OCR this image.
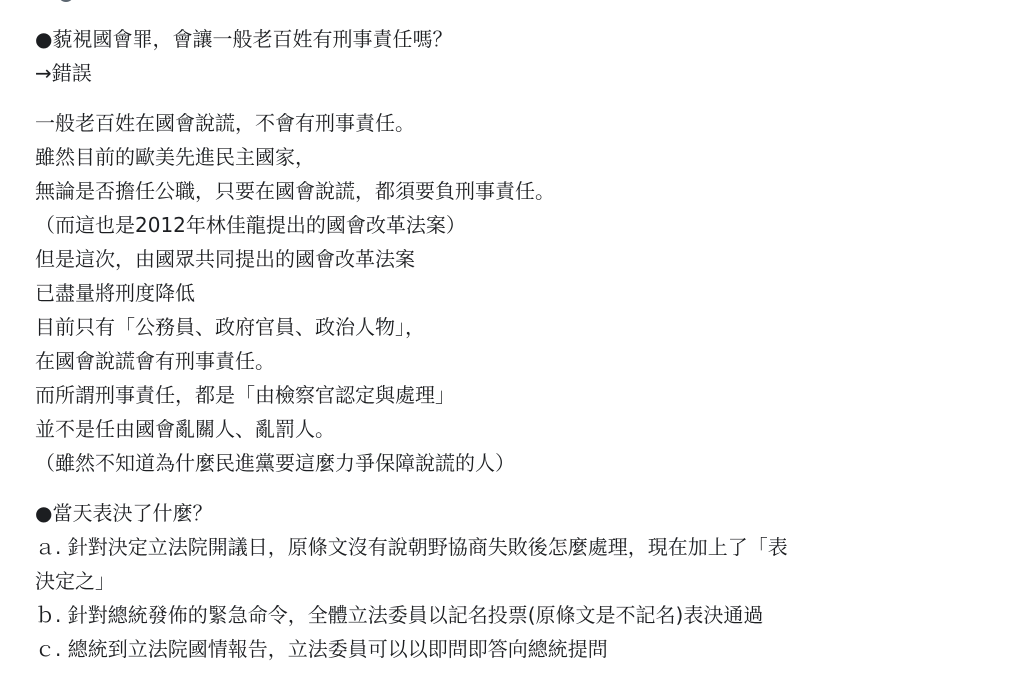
●藐視國會罪，會讓一般老百姓有刑事責任嗎？

→錯誤

一般老百姓在國會說謊，不會有刑事責任。

雖然目前的歐美先進民主國家，

無論是否擔任公職，只要在國會說謊，都須要負刑事責任。

（而這也是2012年林佳龍提出的國會改革法案）

但是這次，由國眾共同提出的國會改革法案

已盡量將刑度降低

目前只有「公務員、政府官員、政治人物」，

在國會說謊會有刑事責任。

而所謂刑事責任，都是「由檢察官認定與處理」

並不是任由國會亂關人、亂罰人。

（雖然不知道為什麼民進黨要這麼力爭保障說謊的人）

●當天表決了什麼？

ａ. 針對決定立法院開議日，原條文沒有說朝野協商失敗後怎麼處理，現在加上了「表

決定之」

ｂ. 針對總統發佈的緊急命令，全體立法委員以記名投票(原條文是不記名)表決通過

ｃ. 總統到立法院國情報告，立法委員可以以即問即答向總統提問
